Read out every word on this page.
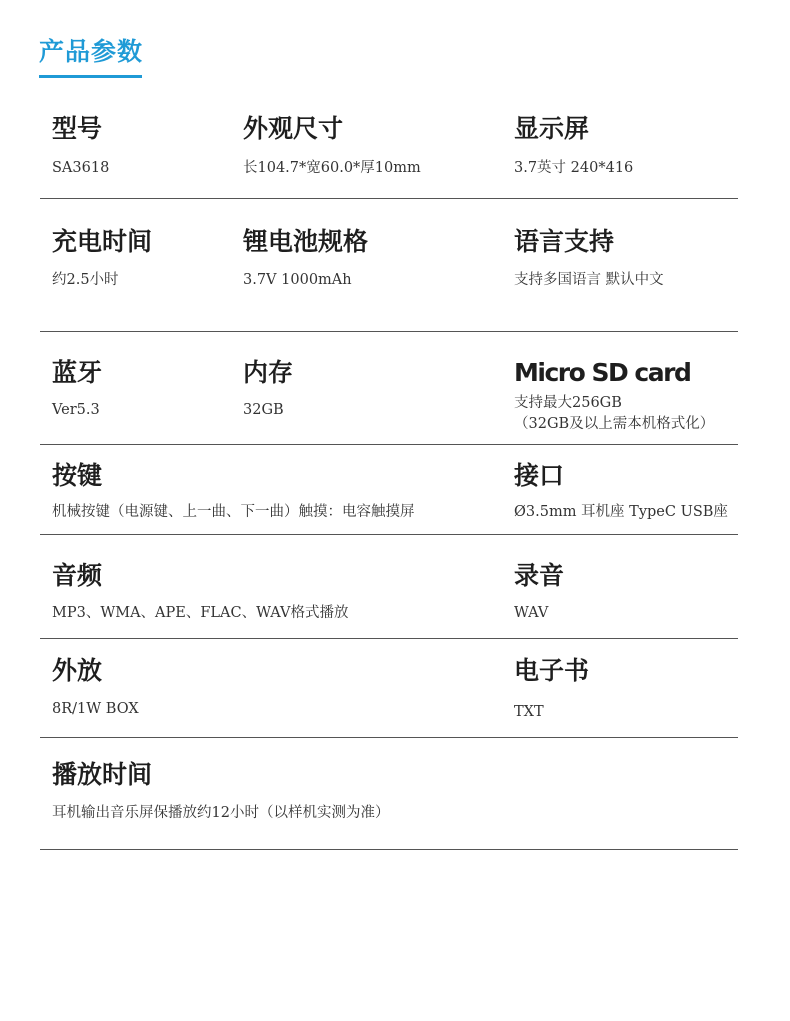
产品参数
型号
SA3618
外观尺寸
长104.7*宽60.0*厚10mm
显示屏
3.7英寸 240*416
充电时间
约2.5小时
锂电池规格
3.7V 1000mAh
语言支持
支持多国语言 默认中文
蓝牙
Ver5.3
内存
32GB
Micro SD card
支持最大256GB
（32GB及以上需本机格式化）
按键
机械按键（电源键、上一曲、下一曲）触摸：电容触摸屏
接口
Ø3.5mm 耳机座 TypeC USB座
音频
MP3、WMA、APE、FLAC、WAV格式播放
录音
WAV
外放
8R/1W BOX
电子书
TXT
播放时间
耳机输出音乐屏保播放约12小时（以样机实测为准）
